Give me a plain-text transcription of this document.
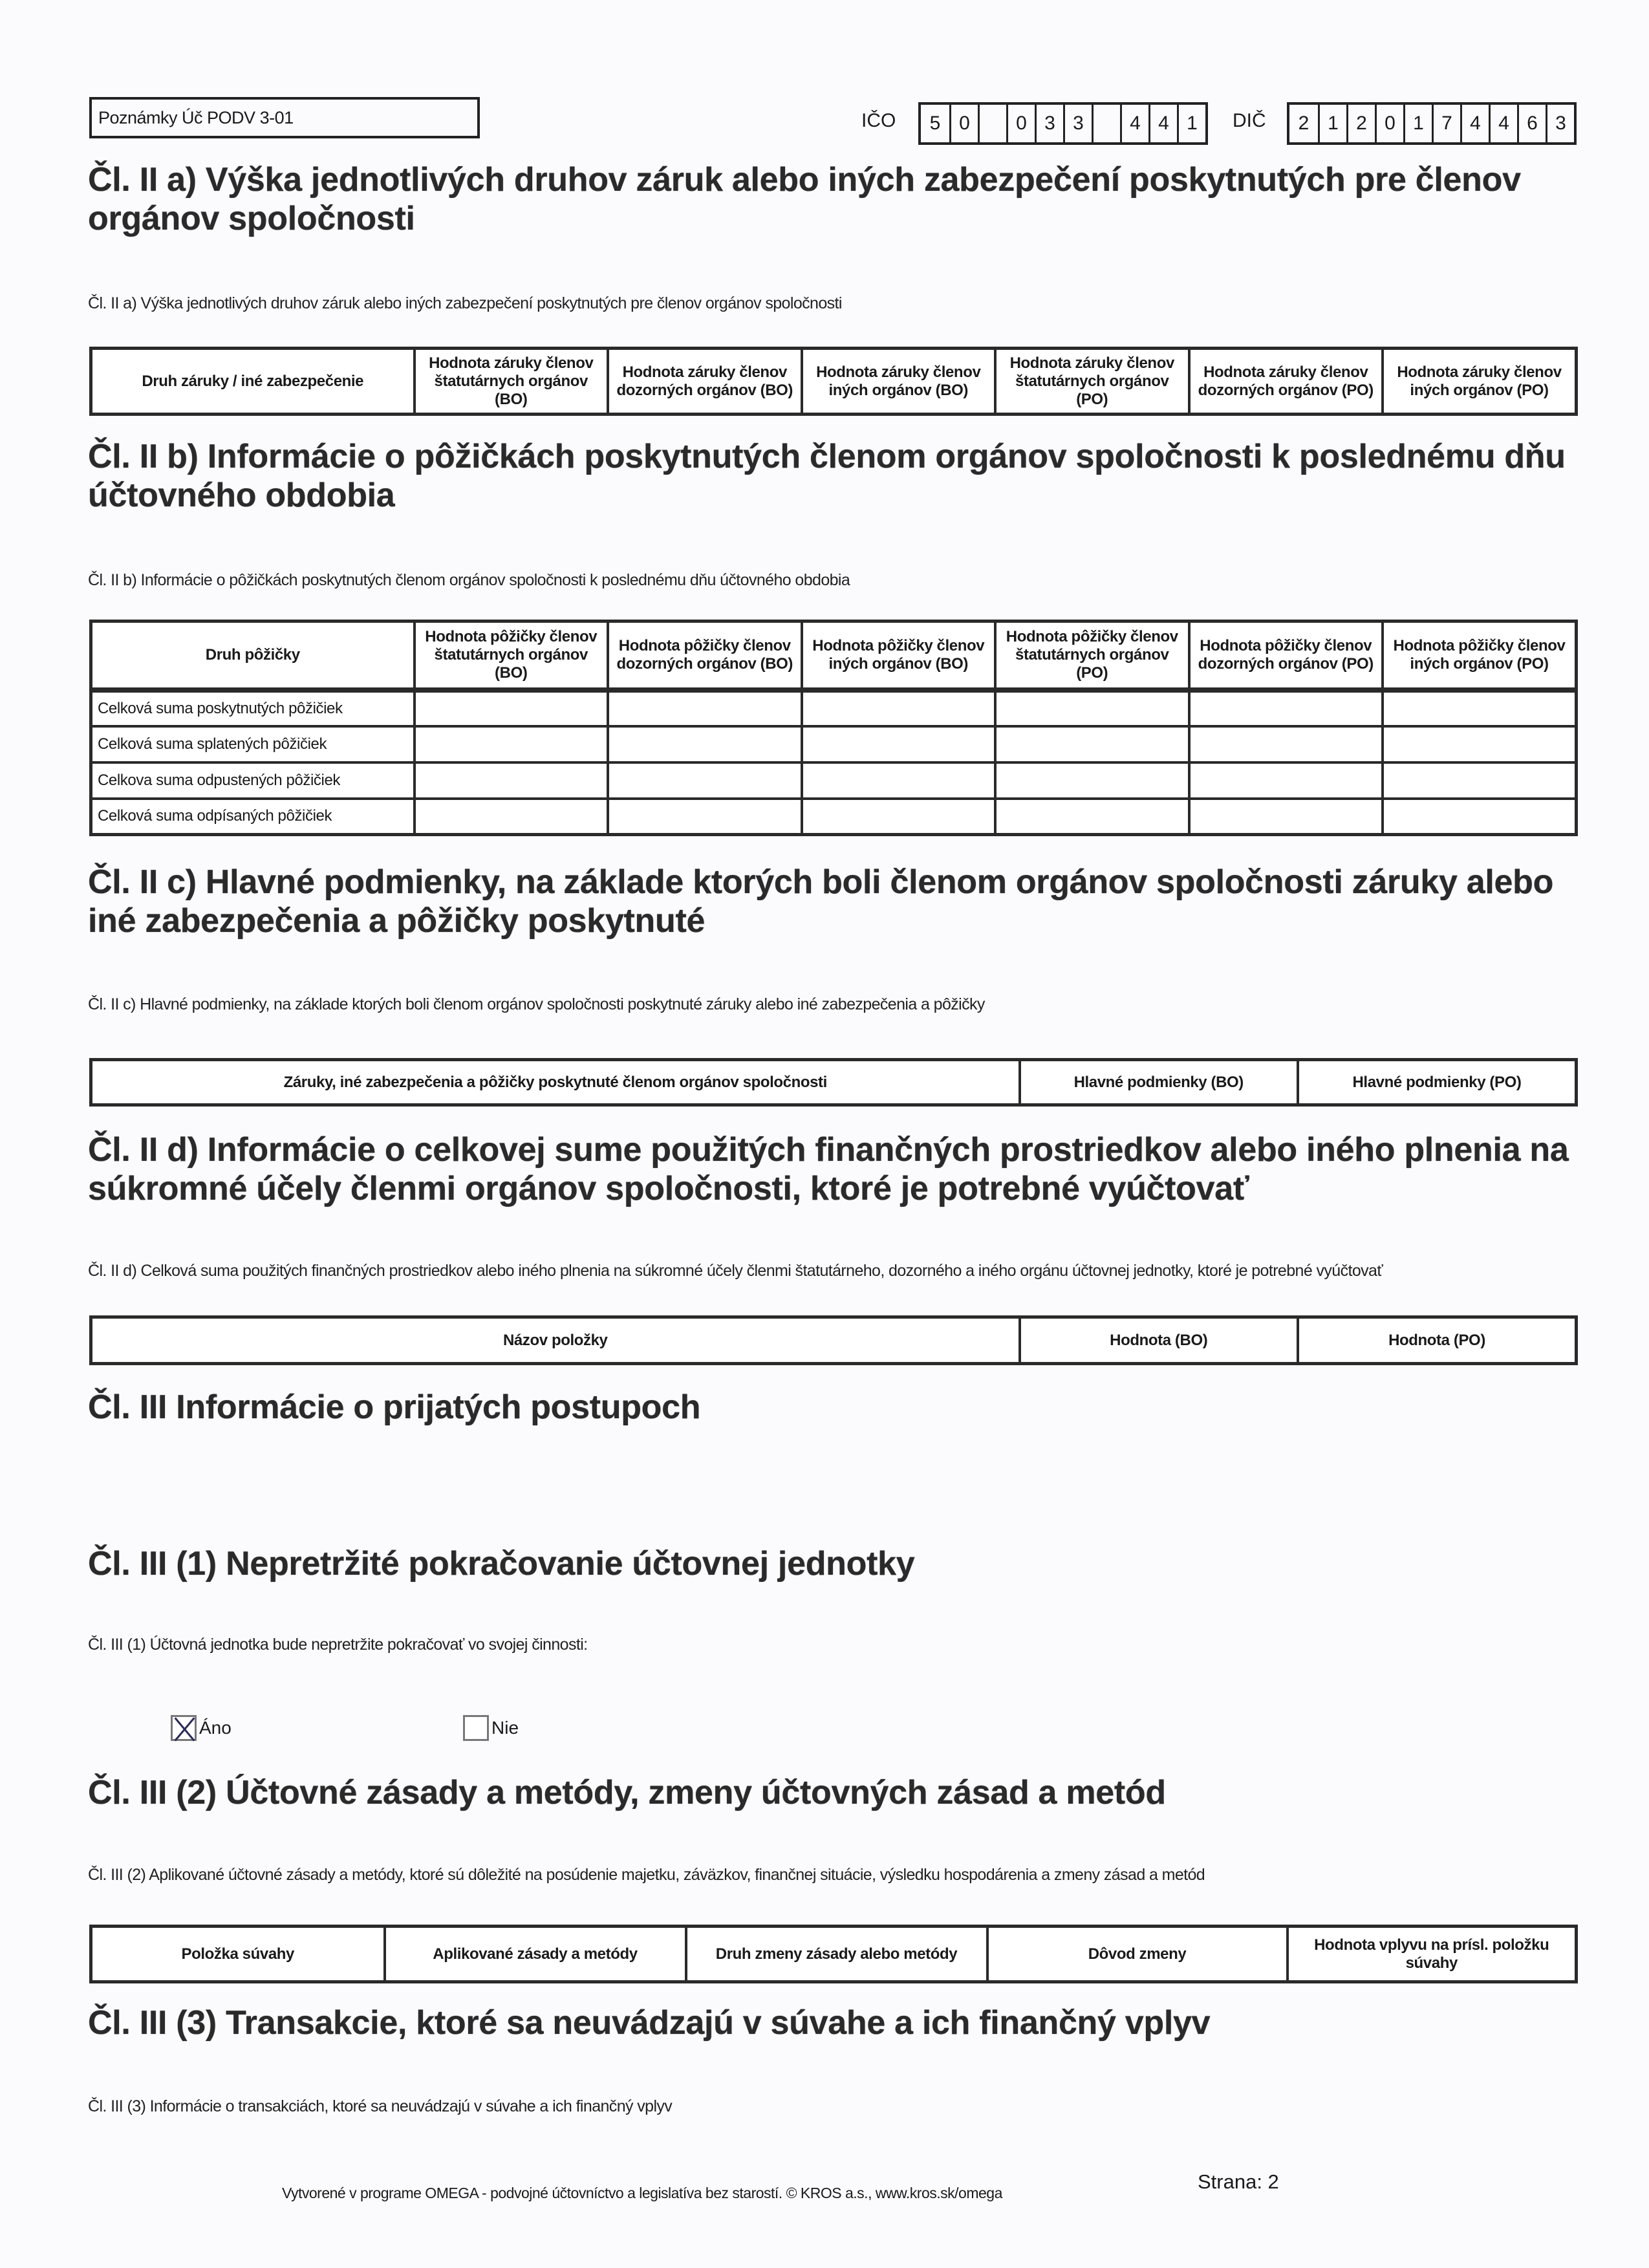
Poznámky Úč PODV 3-01	IČO	5 0	0 3 3	4 4 1	DIČ	2 1 2 0 1 7 4 4 6 3
Čl. II a) Výška jednotlivých druhov záruk alebo iných zabezpečení poskytnutých pre členov orgánov spoločnosti

Čl. II a) Výška jednotlivých druhov záruk alebo iných zabezpečení poskytnutých pre členov orgánov spoločnosti

Druh záruky / iné zabezpečenie	Hodnota záruky členov štatutárnych orgánov (BO)	Hodnota záruky členov dozorných orgánov (BO)	Hodnota záruky členov iných orgánov (BO)	Hodnota záruky členov štatutárnych orgánov (PO)	Hodnota záruky členov dozorných orgánov (PO)	Hodnota záruky členov iných orgánov (PO)
Čl. II b) Informácie o pôžičkách poskytnutých členom orgánov spoločnosti k poslednému dňu účtovného obdobia

Čl. II b) Informácie o pôžičkách poskytnutých členom orgánov spoločnosti k poslednému dňu účtovného obdobia

Druh pôžičky	Hodnota pôžičky členov štatutárnych orgánov (BO)	Hodnota pôžičky členov dozorných orgánov (BO)	Hodnota pôžičky členov iných orgánov (BO)	Hodnota pôžičky členov štatutárnych orgánov (PO)	Hodnota pôžičky členov dozorných orgánov (PO)	Hodnota pôžičky členov iných orgánov (PO)
Celková suma poskytnutých pôžičiek						
Celková suma splatených pôžičiek						
Celkova suma odpustených pôžičiek						
Celková suma odpísaných pôžičiek						
Čl. II c) Hlavné podmienky, na základe ktorých boli členom orgánov spoločnosti záruky alebo iné zabezpečenia a pôžičky poskytnuté

Čl. II c) Hlavné podmienky, na základe ktorých boli členom orgánov spoločnosti poskytnuté záruky alebo iné zabezpečenia a pôžičky

Záruky, iné zabezpečenia a pôžičky poskytnuté členom orgánov spoločnosti	Hlavné podmienky (BO)	Hlavné podmienky (PO)
Čl. II d) Informácie o celkovej sume použitých finančných prostriedkov alebo iného plnenia na súkromné účely členmi orgánov spoločnosti, ktoré je potrebné vyúčtovať

Čl. II d) Celková suma použitých finančných prostriedkov alebo iného plnenia na súkromné účely členmi štatutárneho, dozorného a iného orgánu účtovnej jednotky, ktoré je potrebné vyúčtovať

Názov položky	Hodnota (BO)	Hodnota (PO)
Čl. III Informácie o prijatých postupoch
Čl. III (1) Nepretržité pokračovanie účtovnej jednotky

Čl. III (1) Účtovná jednotka bude nepretržite pokračovať vo svojej činnosti:

Áno	Nie
Čl. III (2) Účtovné zásady a metódy, zmeny účtovných zásad a metód

Čl. III (2) Aplikované účtovné zásady a metódy, ktoré sú dôležité na posúdenie majetku, záväzkov, finančnej situácie, výsledku hospodárenia a zmeny zásad a metód

Položka súvahy	Aplikované zásady a metódy	Druh zmeny zásady alebo metódy	Dôvod zmeny	Hodnota vplyvu na prísl. položku súvahy
Čl. III (3) Transakcie, ktoré sa neuvádzajú v súvahe a ich finančný vplyv

Čl. III (3) Informácie o transakciách, ktoré sa neuvádzajú v súvahe a ich finančný vplyv

Vytvorené v programe OMEGA - podvojné účtovníctvo a legislatíva bez starostí. © KROS a.s., www.kros.sk/omega	Strana: 2
